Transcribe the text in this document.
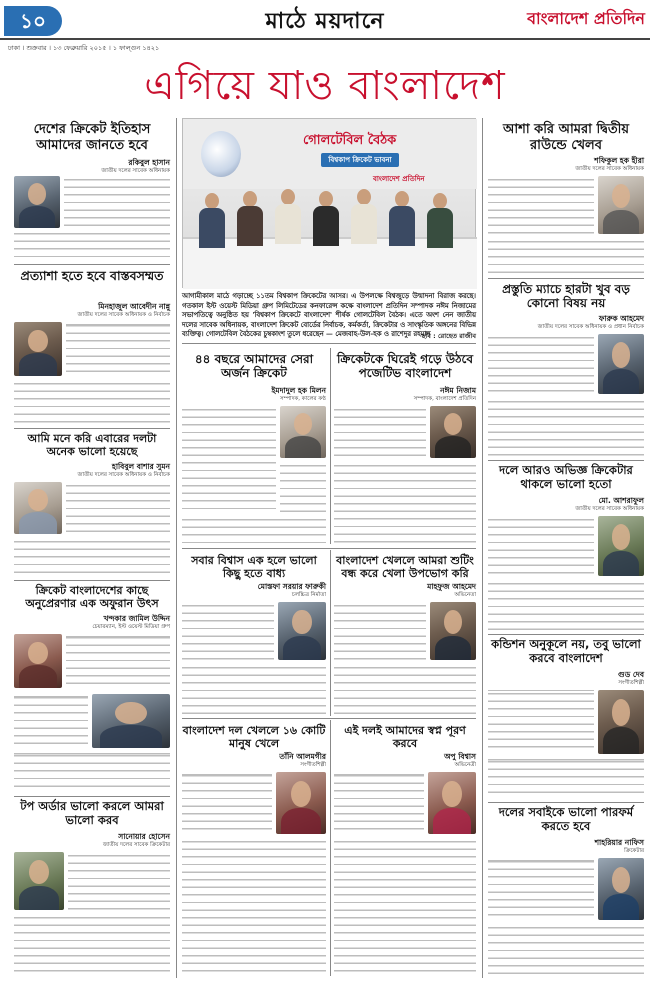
১০	মাঠে ময়দানে	বাংলাদেশ প্রতিদিন
ঢাকা । শুক্রবার । ১৩ ফেব্রুয়ারি ২০১৫ । ১ ফাল্গুন ১৪২১
এগিয়ে যাও বাংলাদেশ
গোলটেবিল বৈঠক
বিশ্বকাপ ক্রিকেট ভাবনা
বাংলাদেশ প্রতিদিন
আগামীকাল মাঠে গড়াচ্ছে ১১তম বিশ্বকাপ ক্রিকেটের আসর। এ উপলক্ষে বিশ্বজুড়ে উন্মাদনা বিরাজ করছে। গতকাল ইস্ট ওয়েস্ট মিডিয়া গ্রুপ লিমিটেডের কনফারেন্স কক্ষে বাংলাদেশ প্রতিদিন সম্পাদক নঈম নিজামের সভাপতিত্বে অনুষ্ঠিত হয় 'বিশ্বকাপ ক্রিকেটে বাংলাদেশ' শীর্ষক গোলটেবিল বৈঠক। এতে অংশ নেন জাতীয় দলের সাবেক অধিনায়ক, বাংলাদেশ ক্রিকেট বোর্ডের নির্বাচক, কর্মকর্তা, ক্রিকেটার ও সাংস্কৃতিক অঙ্গনের বিভিন্ন ব্যক্তিত্ব। গোলটেবিল বৈঠকের চুম্বকাংশ তুলে ধরেছেন — মেজবাহ-উল-হক ও রাশেদুর রহমান
ছবি : রোহেত রাজীব
দেশের ক্রিকেট ইতিহাস আমাদের জানতে হবে
রকিবুল হাসান
জাতীয় দলের সাবেক অধিনায়ক
প্রত্যাশা হতে হবে বাস্তবসম্মত
মিনহাজুল আবেদীন নান্নু
জাতীয় দলের সাবেক অধিনায়ক ও নির্বাচক
আমি মনে করি এবারের দলটা অনেক ভালো হয়েছে
হাবিবুল বাশার সুমন
জাতীয় দলের সাবেক অধিনায়ক ও নির্বাচক
ক্রিকেট বাংলাদেশের কাছে অনুপ্রেরণার এক অফুরান উৎস
খন্দকার জামিল উদ্দিন
চেয়ারম্যান, ইস্ট ওয়েস্ট মিডিয়া গ্রুপ
টপ অর্ডার ভালো করলে আমরা ভালো করব
সানোয়ার হোসেন
জাতীয় দলের সাবেক ক্রিকেটার
৪৪ বছরে আমাদের সেরা অর্জন ক্রিকেট
ইমদাদুল হক মিলন
সম্পাদক, কালের কণ্ঠ
ক্রিকেটকে ঘিরেই গড়ে উঠবে পজেটিভ বাংলাদেশ
নঈম নিজাম
সম্পাদক, বাংলাদেশ প্রতিদিন
সবার বিশ্বাস এক হলে ভালো কিছু হতে বাধ্য
মোস্তফা সরয়ার ফারুকী
চলচ্চিত্র নির্মাতা
বাংলাদেশ খেললে আমরা শুটিং বন্ধ করে খেলা উপভোগ করি
মাহফুজ আহমেদ
অভিনেতা
বাংলাদেশ দল খেললে ১৬ কোটি মানুষ খেলে
তাঁনি আলমগীর
সংগীতশিল্পী
এই দলই আমাদের স্বপ্ন পূরণ করবে
অপু বিশ্বাস
অভিনেত্রী
আশা করি আমরা দ্বিতীয় রাউন্ডে খেলব
শফিকুল হক হীরা
জাতীয় দলের সাবেক অধিনায়ক
প্রস্তুতি ম্যাচে হারটা খুব বড় কোনো বিষয় নয়
ফারুক আহমেদ
জাতীয় দলের সাবেক অধিনায়ক ও প্রধান নির্বাচক
দলে আরও অভিজ্ঞ ক্রিকেটার থাকলে ভালো হতো
মো. আশরাফুল
জাতীয় দলের সাবেক অধিনায়ক
কন্ডিশন অনুকূলে নয়, তবু ভালো করবে বাংলাদেশ
গুড দেব
সংগীতশিল্পী
দলের সবাইকে ভালো পারফর্ম করতে হবে
শাহরিয়ার নাফিস
ক্রিকেটার
